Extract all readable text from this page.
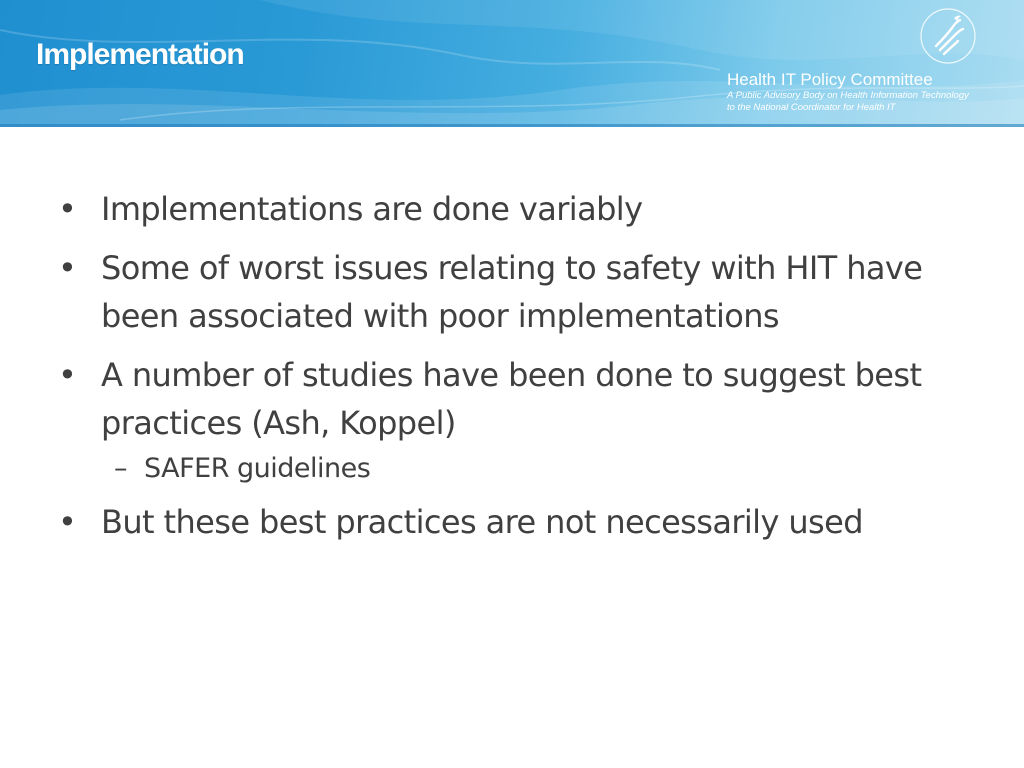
Implementation
Health IT Policy Committee
A Public Advisory Body on Health Information Technology
to the National Coordinator for Health IT
• Implementations are done variably
• Some of worst issues relating to safety with HIT have been associated with poor implementations
• A number of studies have been done to suggest best practices (Ash, Koppel)
– SAFER guidelines
• But these best practices are not necessarily used
